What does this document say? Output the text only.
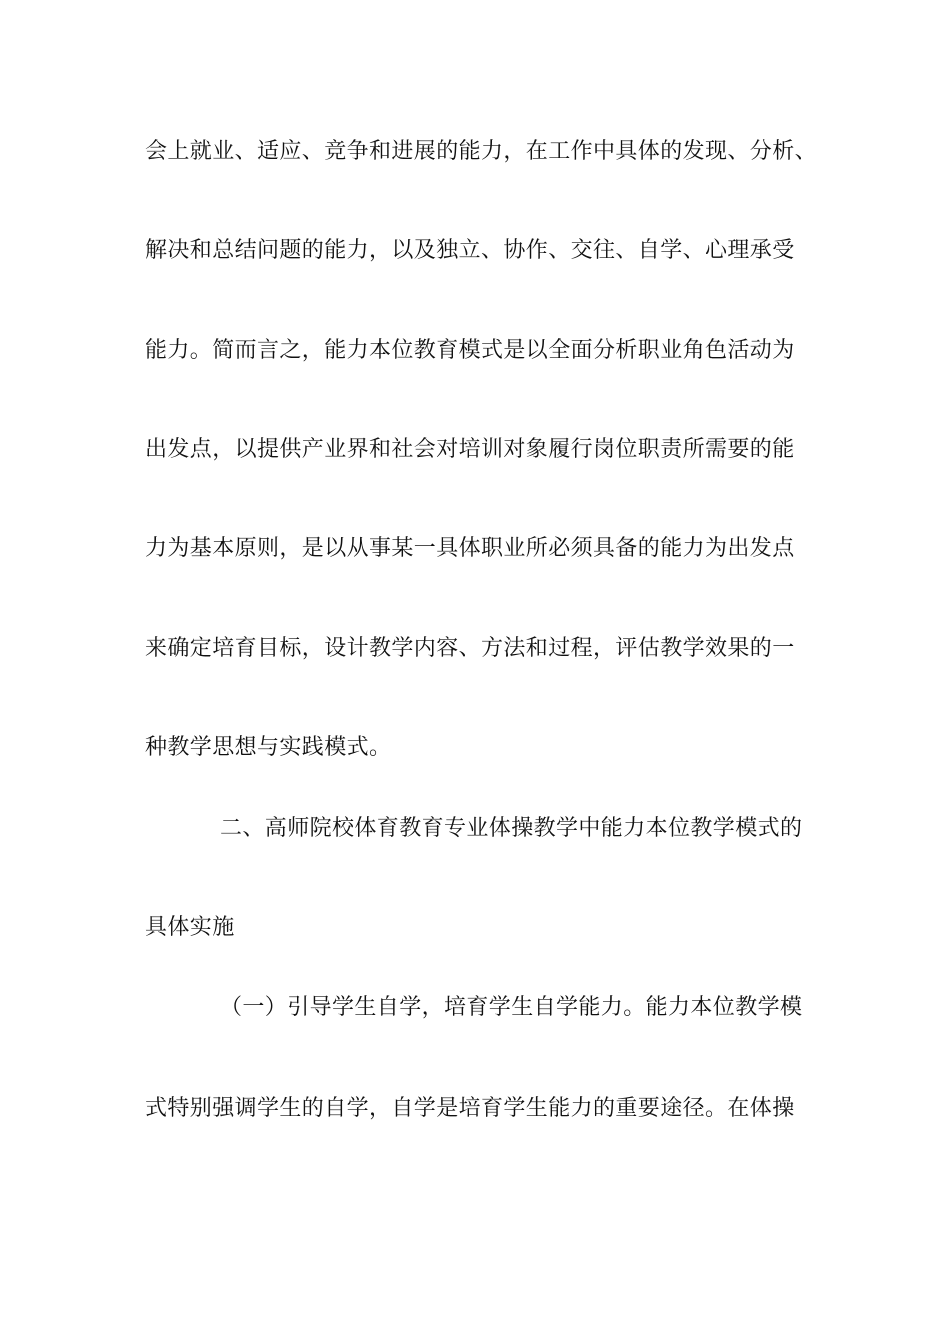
会上就业、适应、竞争和进展的能力，在工作中具体的发现、分析、
解决和总结问题的能力，以及独立、协作、交往、自学、心理承受
能力。简而言之，能力本位教育模式是以全面分析职业角色活动为
出发点，以提供产业界和社会对培训对象履行岗位职责所需要的能
力为基本原则，是以从事某一具体职业所必须具备的能力为出发点
来确定培育目标，设计教学内容、方法和过程，评估教学效果的一
种教学思想与实践模式。
二、高师院校体育教育专业体操教学中能力本位教学模式的
具体实施
（一）引导学生自学，培育学生自学能力。能力本位教学模
式特别强调学生的自学，自学是培育学生能力的重要途径。在体操
